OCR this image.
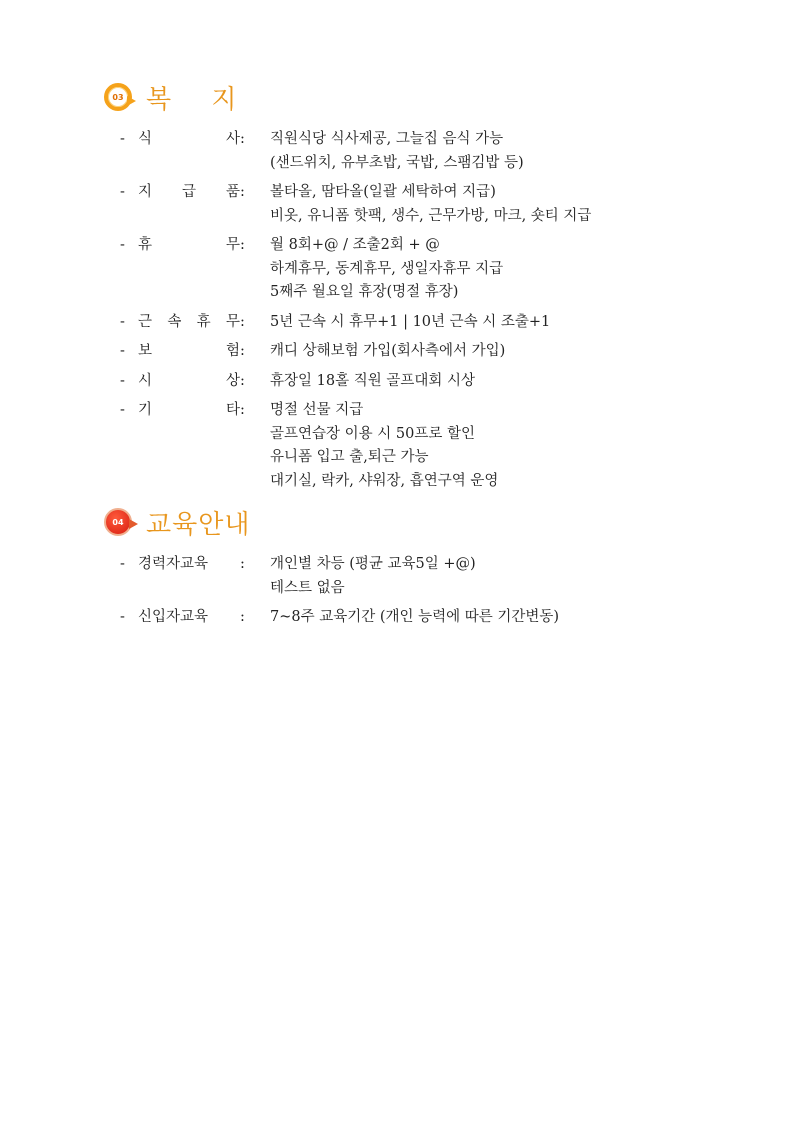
03 복 지
- 식	사 :	직원식당 식사제공, 그늘집 음식 가능
(샌드위치, 유부초밥, 국밥, 스팸김밥 등)
- 지 급 품 :	볼타올, 땀타올(일괄 세탁하여 지급)
비옷, 유니폼 핫팩, 생수, 근무가방, 마크, 숏티 지급
- 휴	무 :	월 8회+@ / 조출2회 + @
하계휴무, 동계휴무, 생일자휴무 지급
5째주 월요일 휴장(명절 휴장)
- 근 속 휴 무 :	5년 근속 시 휴무+1 | 10년 근속 시 조출+1
- 보	험 :	캐디 상해보험 가입(회사측에서 가입)
- 시	상 :	휴장일 18홀 직원 골프대회 시상
- 기	타 :	명절 선물 지급
골프연습장 이용 시 50프로 할인
유니폼 입고 출,퇴근 가능
대기실, 락카, 샤워장, 흡연구역 운영
04 교육안내
- 경력자교육	:	개인별 차등 (평균 교육5일 +@)
테스트 없음
- 신입자교육	:	7~8주 교육기간 (개인 능력에 따른 기간변동)
